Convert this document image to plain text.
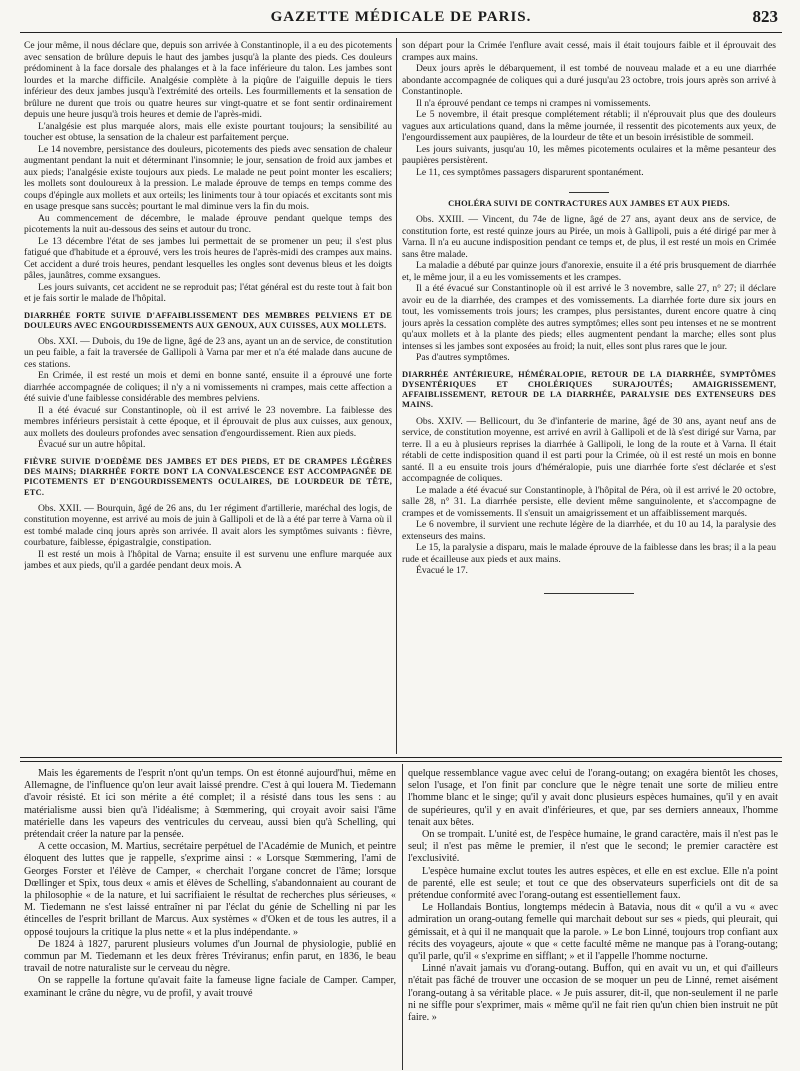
GAZETTE MÉDICALE DE PARIS.	823

Ce jour même, il nous déclare que, depuis son arrivée à Constantinople, il a eu des picotements avec sensation de brûlure depuis le haut des jambes jusqu'à la plante des pieds. Ces douleurs prédominent à la face dorsale des phalanges et à la face inférieure du talon. Les jambes sont lourdes et la marche difficile. Analgésie complète à la piqûre de l'aiguille depuis le tiers inférieur des deux jambes jusqu'à l'extrémité des orteils. Les fourmillements et la sensation de brûlure ne durent que trois ou quatre heures sur vingt-quatre et se font sentir ordinairement depuis une heure jusqu'à trois heures et demie de l'après-midi.

L'analgésie est plus marquée alors, mais elle existe pourtant toujours; la sensibilité au toucher est obtuse, la sensation de la chaleur est parfaitement perçue.

Le 14 novembre, persistance des douleurs, picotements des pieds avec sensation de chaleur augmentant pendant la nuit et déterminant l'insomnie; le jour, sensation de froid aux jambes et aux pieds; l'analgésie existe toujours aux pieds. Le malade ne peut point monter les escaliers; les mollets sont douloureux à la pression. Le malade éprouve de temps en temps comme des coups d'épingle aux mollets et aux orteils; les liniments tour à tour opiacés et excitants sont mis en usage presque sans succès; pourtant le mal diminue vers la fin du mois.

Au commencement de décembre, le malade éprouve pendant quelque temps des picotements la nuit au-dessous des seins et autour du tronc.

Le 13 décembre l'état de ses jambes lui permettait de se promener un peu; il s'est plus fatigué que d'habitude et a éprouvé, vers les trois heures de l'après-midi des crampes aux mains. Cet accident a duré trois heures, pendant lesquelles les ongles sont devenus bleus et les doigts pâles, jaunâtres, comme exsangues.

Les jours suivants, cet accident ne se reproduit pas; l'état général est du reste tout à fait bon et je fais sortir le malade de l'hôpital.

DIARRHÉE FORTE SUIVIE D'AFFAIBLISSEMENT DES MEMBRES PELVIENS ET DE DOULEURS AVEC ENGOURDISSEMENTS AUX GENOUX, AUX CUISSES, AUX MOLLETS.

Obs. XXI. — Dubois, du 19e de ligne, âgé de 23 ans, ayant un an de service, de constitution un peu faible, a fait la traversée de Gallipoli à Varna par mer et n'a été malade dans aucune de ces stations.

En Crimée, il est resté un mois et demi en bonne santé, ensuite il a éprouvé une forte diarrhée accompagnée de coliques; il n'y a ni vomissements ni crampes, mais cette affection a été suivie d'une faiblesse considérable des membres pelviens.

Il a été évacué sur Constantinople, où il est arrivé le 23 novembre. La faiblesse des membres inférieurs persistait à cette époque, et il éprouvait de plus aux cuisses, aux genoux, aux mollets des douleurs profondes avec sensation d'engourdissement. Rien aux pieds.

Évacué sur un autre hôpital.

FIÈVRE SUIVIE D'OEDÈME DES JAMBES ET DES PIEDS, ET DE CRAMPES LÉGÈRES DES MAINS; DIARRHÉE FORTE DONT LA CONVALESCENCE EST ACCOMPAGNÉE DE PICOTEMENTS ET D'ENGOURDISSEMENTS OCULAIRES, DE LOURDEUR DE TÊTE, ETC.

Obs. XXII. — Bourquin, âgé de 26 ans, du 1er régiment d'artillerie, maréchal des logis, de constitution moyenne, est arrivé au mois de juin à Gallipoli et de là a été par terre à Varna où il est tombé malade cinq jours après son arrivée. Il avait alors les symptômes suivants : fièvre, courbature, faiblesse, épigastralgie, constipation.

Il est resté un mois à l'hôpital de Varna; ensuite il est survenu une enflure marquée aux jambes et aux pieds, qu'il a gardée pendant deux mois. A

son départ pour la Crimée l'enflure avait cessé, mais il était toujours faible et il éprouvait des crampes aux mains.

Deux jours après le débarquement, il est tombé de nouveau malade et a eu une diarrhée abondante accompagnée de coliques qui a duré jusqu'au 23 octobre, trois jours après son arrivé à Constantinople.

Il n'a éprouvé pendant ce temps ni crampes ni vomissements.

Le 5 novembre, il était presque complétement rétabli; il n'éprouvait plus que des douleurs vagues aux articulations quand, dans la même journée, il ressentit des picotements aux yeux, de l'engourdissement aux paupières, de la lourdeur de tête et un besoin irrésistible de sommeil.

Les jours suivants, jusqu'au 10, les mêmes picotements oculaires et la même pesanteur des paupières persistèrent.

Le 11, ces symptômes passagers disparurent spontanément.

CHOLÉRA SUIVI DE CONTRACTURES AUX JAMBES ET AUX PIEDS.

Obs. XXIII. — Vincent, du 74e de ligne, âgé de 27 ans, ayant deux ans de service, de constitution forte, est resté quinze jours au Pirée, un mois à Gallipoli, puis a été dirigé par mer à Varna. Il n'a eu aucune indisposition pendant ce temps et, de plus, il est resté un mois en Crimée sans être malade.

La maladie a débuté par quinze jours d'anorexie, ensuite il a été pris brusquement de diarrhée et, le même jour, il a eu les vomissements et les crampes.

Il a été évacué sur Constantinople où il est arrivé le 3 novembre, salle 27, n° 27; il déclare avoir eu de la diarrhée, des crampes et des vomissements. La diarrhée forte dure six jours en tout, les vomissements trois jours; les crampes, plus persistantes, durent encore quatre à cinq jours après la cessation complète des autres symptômes; elles sont peu intenses et ne se montrent qu'aux mollets et à la plante des pieds; elles augmentent pendant la marche; elles sont plus intenses si les jambes sont exposées au froid; la nuit, elles sont plus rares que le jour.

Pas d'autres symptômes.

DIARRHÉE ANTÉRIEURE, HÉMÉRALOPIE, RETOUR DE LA DIARRHÉE, SYMPTÔMES DYSENTÉRIQUES ET CHOLÉRIQUES SURAJOUTÉS; AMAIGRISSEMENT, AFFAIBLISSEMENT, RETOUR DE LA DIARRHÉE, PARALYSIE DES EXTENSEURS DES MAINS.

Obs. XXIV. — Bellicourt, du 3e d'infanterie de marine, âgé de 30 ans, ayant neuf ans de service, de constitution moyenne, est arrivé en avril à Gallipoli et de là s'est dirigé sur Varna, par terre. Il a eu à plusieurs reprises la diarrhée à Gallipoli, le long de la route et à Varna. Il était rétabli de cette indisposition quand il est parti pour la Crimée, où il est resté un mois en bonne santé. Il a eu ensuite trois jours d'héméralopie, puis une diarrhée forte s'est déclarée et s'est accompagnée de coliques.

Le malade a été évacué sur Constantinople, à l'hôpital de Péra, où il est arrivé le 20 octobre, salle 28, n° 31. La diarrhée persiste, elle devient même sanguinolente, et s'accompagne de crampes et de vomissements. Il s'ensuit un amaigrissement et un affaiblissement marqués.

Le 6 novembre, il survient une rechute légère de la diarrhée, et du 10 au 14, la paralysie des extenseurs des mains.

Le 15, la paralysie a disparu, mais le malade éprouve de la faiblesse dans les bras; il a la peau rude et écailleuse aux pieds et aux mains.

Évacué le 17.

Mais les égarements de l'esprit n'ont qu'un temps. On est étonné aujourd'hui, même en Allemagne, de l'influence qu'on leur avait laissé prendre. C'est à qui louera M. Tiedemann d'avoir résisté. Et ici son mérite a été complet; il a résisté dans tous les sens : au matérialisme aussi bien qu'à l'idéalisme; à Sœmmering, qui croyait avoir saisi l'âme matérielle dans les vapeurs des ventricules du cerveau, aussi bien qu'à Schelling, qui prétendait créer la nature par la pensée.

A cette occasion, M. Martius, secrétaire perpétuel de l'Académie de Munich, et peintre éloquent des luttes que je rappelle, s'exprime ainsi : « Lorsque Sœmmering, l'ami de Georges Forster et l'élève de Camper, « cherchait l'organe concret de l'âme; lorsque Dœllinger et Spix, tous deux « amis et élèves de Schelling, s'abandonnaient au courant de la philosophie « de la nature, et lui sacrifiaient le résultat de recherches plus sérieuses, « M. Tiedemann ne s'est laissé entraîner ni par l'éclat du génie de Schelling ni par les étincelles de l'esprit brillant de Marcus. Aux systèmes « d'Oken et de tous les autres, il a opposé toujours la critique la plus nette « et la plus indépendante. »

De 1824 à 1827, parurent plusieurs volumes d'un Journal de physiologie, publié en commun par M. Tiedemann et les deux frères Tréviranus; enfin parut, en 1836, le beau travail de notre naturaliste sur le cerveau du nègre.

On se rappelle la fortune qu'avait faite la fameuse ligne faciale de Camper. Camper, examinant le crâne du nègre, vu de profil, y avait trouvé

quelque ressemblance vague avec celui de l'orang-outang; on exagéra bientôt les choses, selon l'usage, et l'on finit par conclure que le nègre tenait une sorte de milieu entre l'homme blanc et le singe; qu'il y avait donc plusieurs espèces humaines, qu'il y en avait de supérieures, qu'il y en avait d'inférieures, et que, par ses derniers anneaux, l'homme tenait aux bêtes.

On se trompait. L'unité est, de l'espèce humaine, le grand caractère, mais il n'est pas le seul; il n'est pas même le premier, il n'est que le second; le premier caractère est l'exclusivité.

L'espèce humaine exclut toutes les autres espèces, et elle en est exclue. Elle n'a point de parenté, elle est seule; et tout ce que des observateurs superficiels ont dit de sa prétendue conformité avec l'orang-outang est essentiellement faux.

Le Hollandais Bontius, longtemps médecin à Batavia, nous dit « qu'il a vu « avec admiration un orang-outang femelle qui marchait debout sur ses « pieds, qui pleurait, qui gémissait, et à qui il ne manquait que la parole. » Le bon Linné, toujours trop confiant aux récits des voyageurs, ajoute « que « cette faculté même ne manque pas à l'orang-outang; qu'il parle, qu'il « s'exprime en sifflant; » et il l'appelle l'homme nocturne.

Linné n'avait jamais vu d'orang-outang. Buffon, qui en avait vu un, et qui d'ailleurs n'était pas fâché de trouver une occasion de se moquer un peu de Linné, remet aisément l'orang-outang à sa véritable place. « Je puis assurer, dit-il, que non-seulement il ne parle ni ne siffle pour s'exprimer, mais « même qu'il ne fait rien qu'un chien bien instruit ne pût faire. »
